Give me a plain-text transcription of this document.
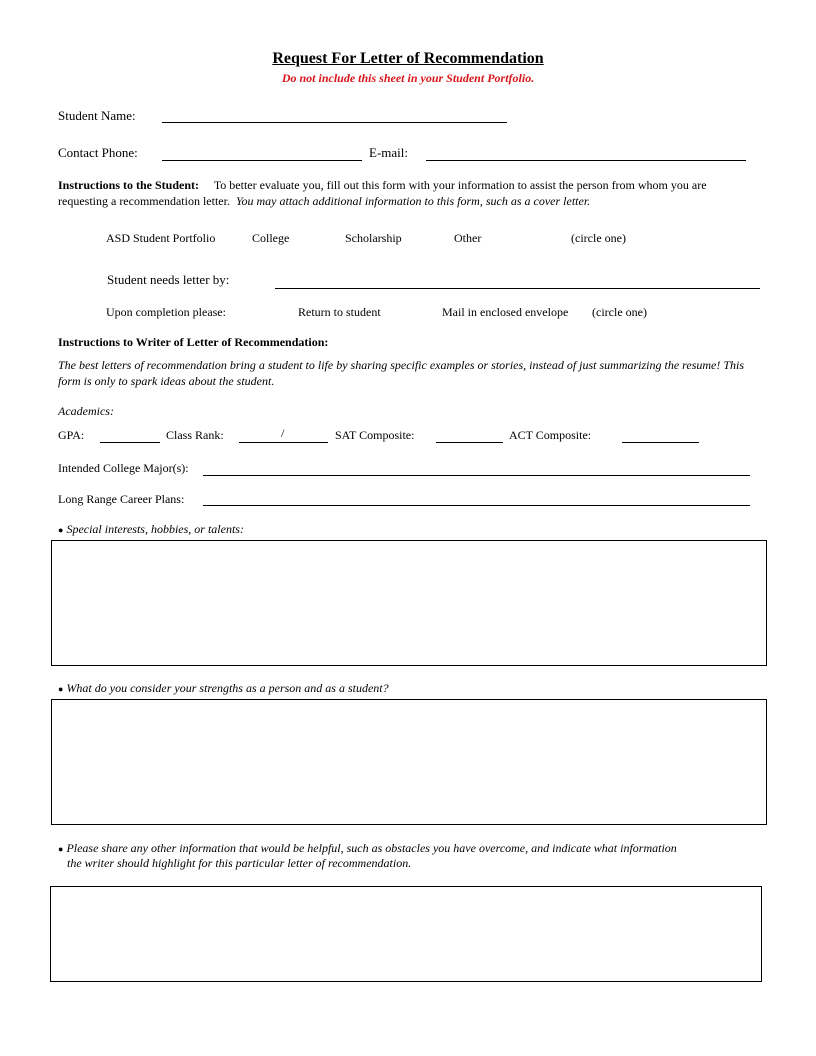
Request For Letter of Recommendation
Do not include this sheet in your Student Portfolio.
Student Name:
Contact Phone:	E-mail:
Instructions to the Student: To better evaluate you, fill out this form with your information to assist the person from whom you are requesting a recommendation letter. You may attach additional information to this form, such as a cover letter.
ASD Student Portfolio	College	Scholarship	Other	(circle one)
Student needs letter by:
Upon completion please:	Return to student	Mail in enclosed envelope (circle one)
Instructions to Writer of Letter of Recommendation:
The best letters of recommendation bring a student to life by sharing specific examples or stories, instead of just summarizing the resume! This form is only to spark ideas about the student.
Academics:
GPA:	Class Rank:	/	SAT Composite:	ACT Composite:
Intended College Major(s):
Long Range Career Plans:
● Special interests, hobbies, or talents:
● What do you consider your strengths as a person and as a student?
● Please share any other information that would be helpful, such as obstacles you have overcome, and indicate what information
the writer should highlight for this particular letter of recommendation.
